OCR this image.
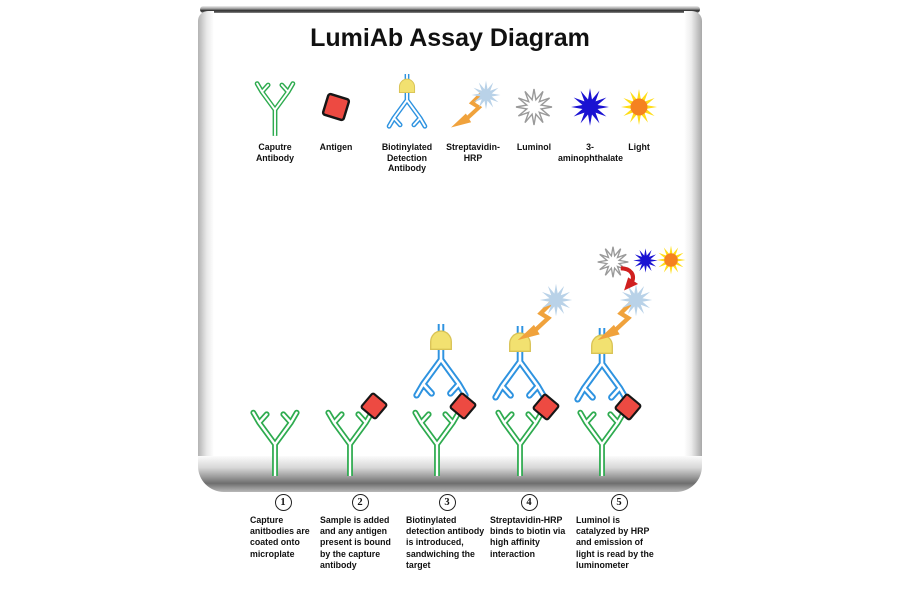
LumiAb Assay Diagram
Caputre Antibody
Antigen	Biotinylated Detection Antibody
Streptavidin-HRP
Luminol	3-aminophthalate
Light
1
Capture anitbodies are coated onto microplate
2
Sample is added and any antigen present is bound by the capture antibody
3
Biotinylated detection antibody is introduced, sandwiching the target
4
Streptavidin-HRP binds to biotin via high affinity interaction
5
Luminol is catalyzed by HRP and emission of light is read by the luminometer
